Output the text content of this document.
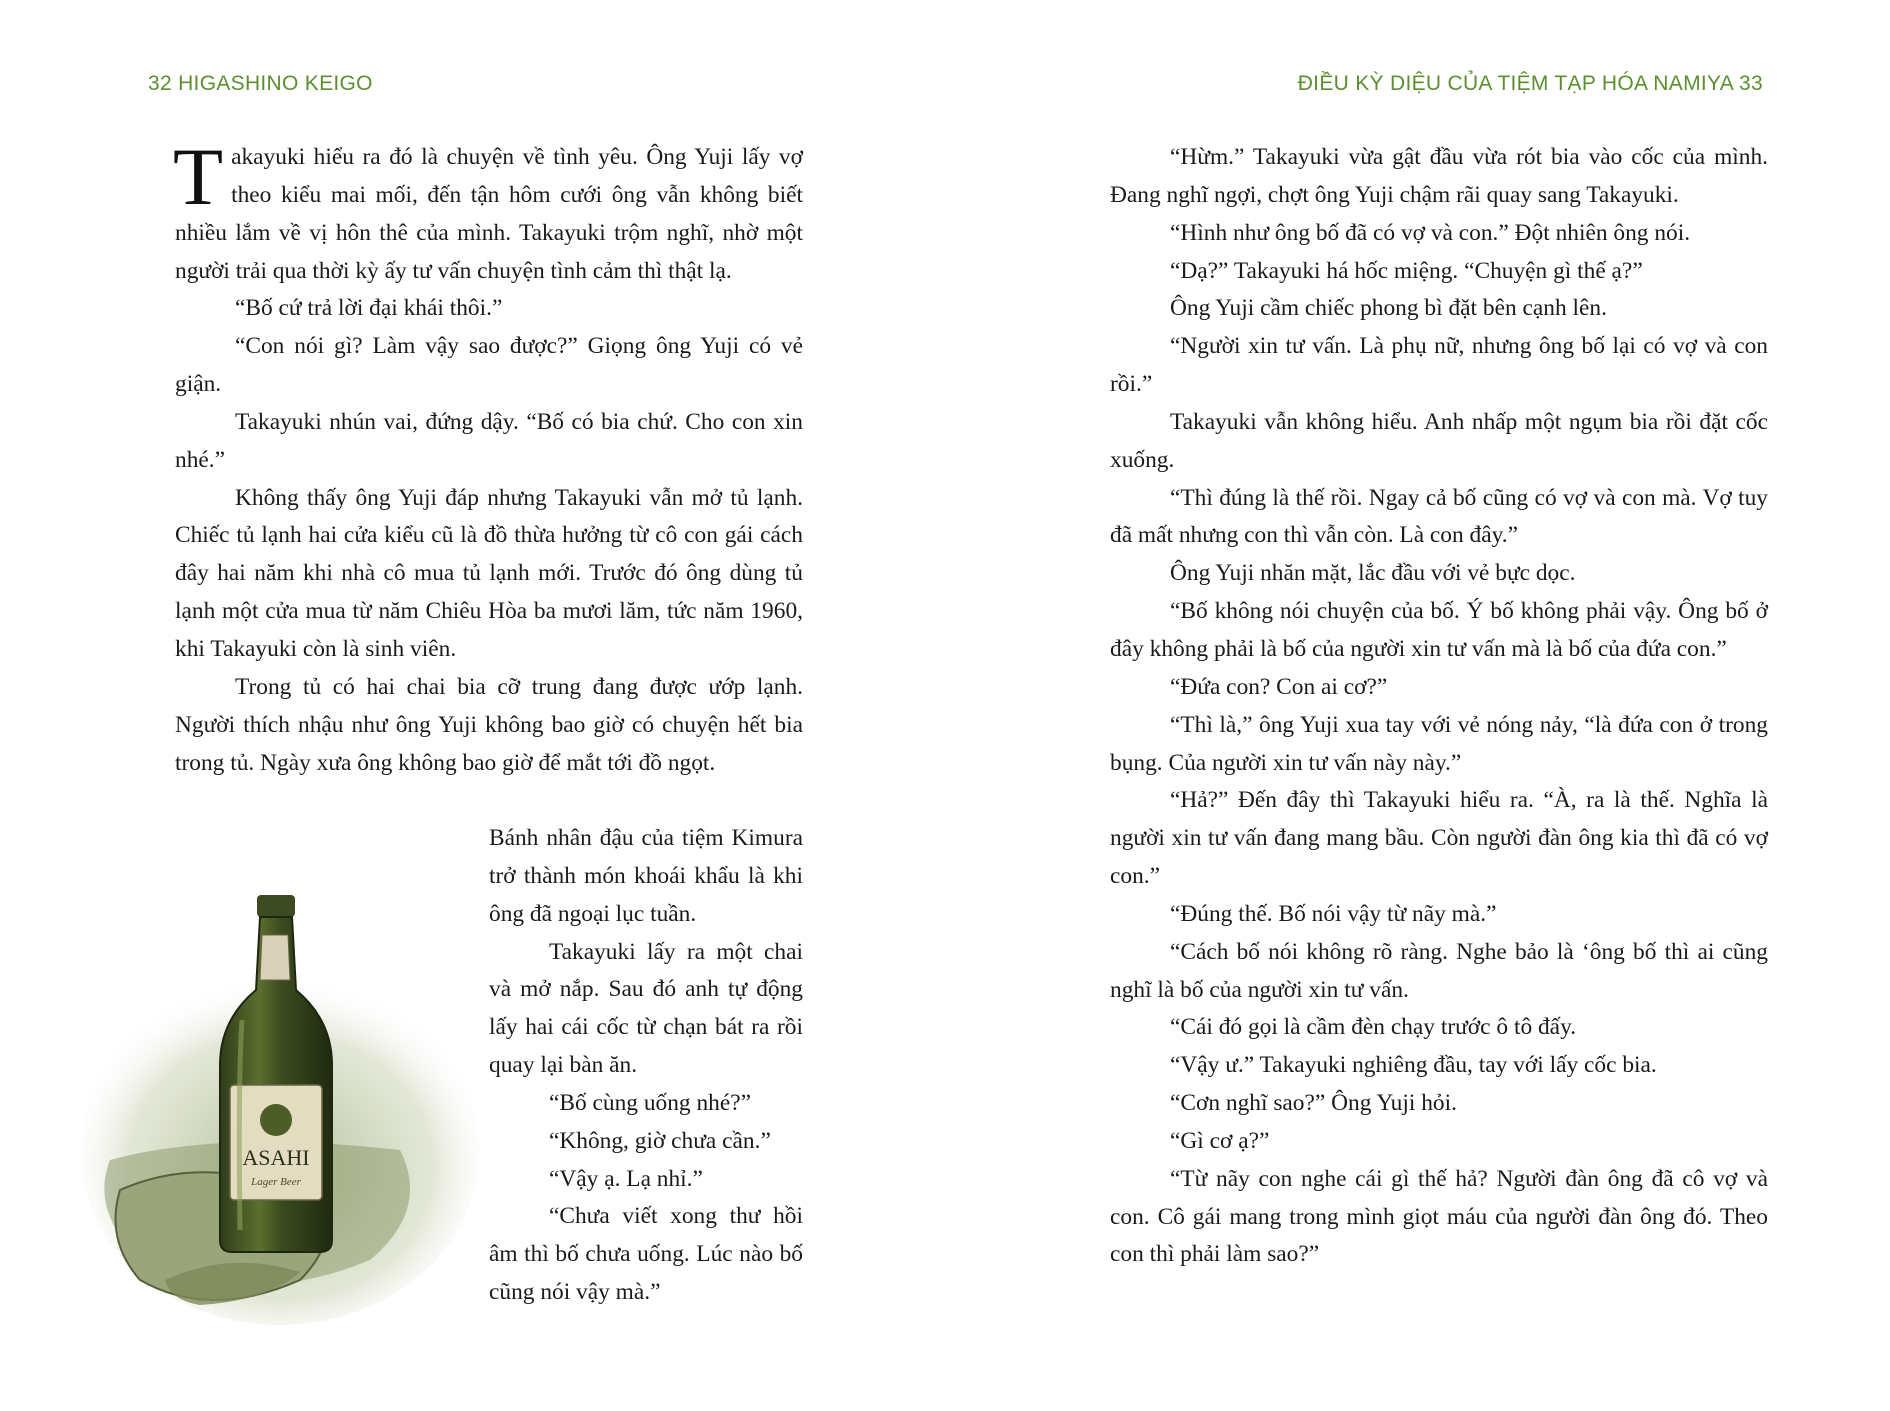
32 HIGASHINO KEIGO	ĐIỀU KỲ DIỆU CỦA TIỆM TẠP HÓA NAMIYA 33

Takayuki hiểu ra đó là chuyện về tình yêu. Ông Yuji lấy vợ theo kiểu mai mối, đến tận hôm cưới ông vẫn không biết nhiều lắm về vị hôn thê của mình. Takayuki trộm nghĩ, nhờ một người trải qua thời kỳ ấy tư vấn chuyện tình cảm thì thật lạ.

“Bố cứ trả lời đại khái thôi.”

“Con nói gì? Làm vậy sao được?” Giọng ông Yuji có vẻ giận.

Takayuki nhún vai, đứng dậy. “Bố có bia chứ. Cho con xin nhé.”

Không thấy ông Yuji đáp nhưng Takayuki vẫn mở tủ lạnh. Chiếc tủ lạnh hai cửa kiểu cũ là đồ thừa hưởng từ cô con gái cách đây hai năm khi nhà cô mua tủ lạnh mới. Trước đó ông dùng tủ lạnh một cửa mua từ năm Chiêu Hòa ba mươi lăm, tức năm 1960, khi Takayuki còn là sinh viên.

Trong tủ có hai chai bia cỡ trung đang được ướp lạnh. Người thích nhậu như ông Yuji không bao giờ có chuyện hết bia trong tủ. Ngày xưa ông không bao giờ để mắt tới đồ ngọt.

Bánh nhân đậu của tiệm Kimura trở thành món khoái khẩu là khi ông đã ngoại lục tuần.

Takayuki lấy ra một chai và mở nắp. Sau đó anh tự động lấy hai cái cốc từ chạn bát ra rồi quay lại bàn ăn.

“Bố cùng uống nhé?”

“Không, giờ chưa cần.”

“Vậy ạ. Lạ nhỉ.”

“Chưa viết xong thư hồi âm thì bố chưa uống. Lúc nào bố cũng nói vậy mà.”

ASAHI
Lager Beer

“Hừm.” Takayuki vừa gật đầu vừa rót bia vào cốc của mình. Đang nghĩ ngợi, chợt ông Yuji chậm rãi quay sang Takayuki.

“Hình như ông bố đã có vợ và con.” Đột nhiên ông nói.

“Dạ?” Takayuki há hốc miệng. “Chuyện gì thế ạ?”

Ông Yuji cầm chiếc phong bì đặt bên cạnh lên.

“Người xin tư vấn. Là phụ nữ, nhưng ông bố lại có vợ và con rồi.”

Takayuki vẫn không hiểu. Anh nhấp một ngụm bia rồi đặt cốc xuống.

“Thì đúng là thế rồi. Ngay cả bố cũng có vợ và con mà. Vợ tuy đã mất nhưng con thì vẫn còn. Là con đây.”

Ông Yuji nhăn mặt, lắc đầu với vẻ bực dọc.

“Bố không nói chuyện của bố. Ý bố không phải vậy. Ông bố ở đây không phải là bố của người xin tư vấn mà là bố của đứa con.”

“Đứa con? Con ai cơ?”

“Thì là,” ông Yuji xua tay với vẻ nóng nảy, “là đứa con ở trong bụng. Của người xin tư vấn này này.”

“Hả?” Đến đây thì Takayuki hiểu ra. “À, ra là thế. Nghĩa là người xin tư vấn đang mang bầu. Còn người đàn ông kia thì đã có vợ con.”

“Đúng thế. Bố nói vậy từ nãy mà.”

“Cách bố nói không rõ ràng. Nghe bảo là ‘ông bố thì ai cũng nghĩ là bố của người xin tư vấn.

“Cái đó gọi là cầm đèn chạy trước ô tô đấy.

“Vậy ư.” Takayuki nghiêng đầu, tay với lấy cốc bia.

“Cơn nghĩ sao?” Ông Yuji hỏi.

“Gì cơ ạ?”

“Từ nãy con nghe cái gì thế hả? Người đàn ông đã cô vợ và con. Cô gái mang trong mình giọt máu của người đàn ông đó. Theo con thì phải làm sao?”
